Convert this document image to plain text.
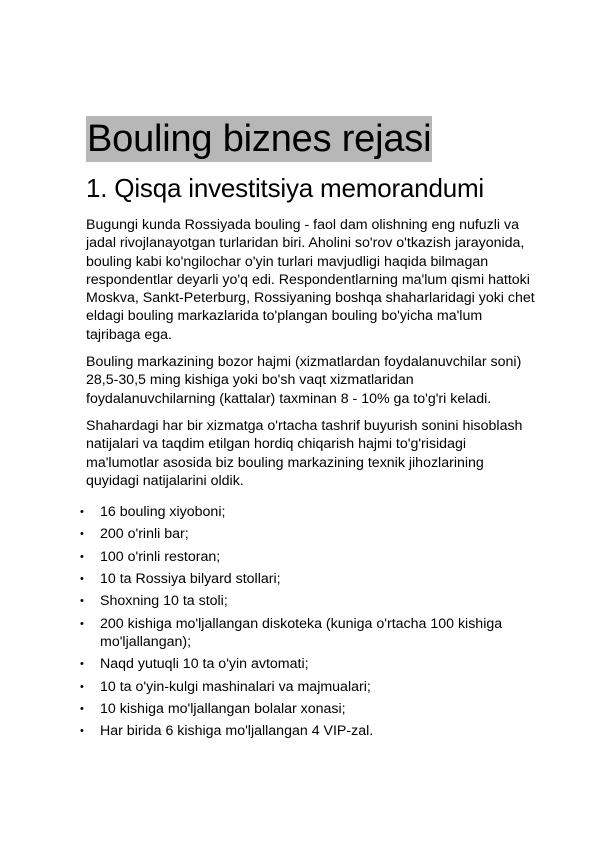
Bouling biznes rejasi
1. Qisqa investitsiya memorandumi

Bugungi kunda Rossiyada bouling - faol dam olishning eng nufuzli va jadal rivojlanayotgan turlaridan biri. Aholini so'rov o'tkazish jarayonida, bouling kabi ko'ngilochar o'yin turlari mavjudligi haqida bilmagan respondentlar deyarli yo'q edi. Respondentlarning ma'lum qismi hattoki Moskva, Sankt-Peterburg, Rossiyaning boshqa shaharlaridagi yoki chet eldagi bouling markazlarida to'plangan bouling bo'yicha ma'lum tajribaga ega.

Bouling markazining bozor hajmi (xizmatlardan foydalanuvchilar soni) 28,5-30,5 ming kishiga yoki bo'sh vaqt xizmatlaridan foydalanuvchilarning (kattalar) taxminan 8 - 10% ga to'g'ri keladi.

Shahardagi har bir xizmatga o'rtacha tashrif buyurish sonini hisoblash natijalari va taqdim etilgan hordiq chiqarish hajmi to'g'risidagi ma'lumotlar asosida biz bouling markazining texnik jihozlarining quyidagi natijalarini oldik.

• 16 bouling xiyoboni;
• 200 o'rinli bar;
• 100 o'rinli restoran;
• 10 ta Rossiya bilyard stollari;
• Shoxning 10 ta stoli;
• 200 kishiga mo'ljallangan diskoteka (kuniga o'rtacha 100 kishiga mo'ljallangan);
• Naqd yutuqli 10 ta o'yin avtomati;
• 10 ta o'yin-kulgi mashinalari va majmualari;
• 10 kishiga mo'ljallangan bolalar xonasi;
• Har birida 6 kishiga mo'ljallangan 4 VIP-zal.
